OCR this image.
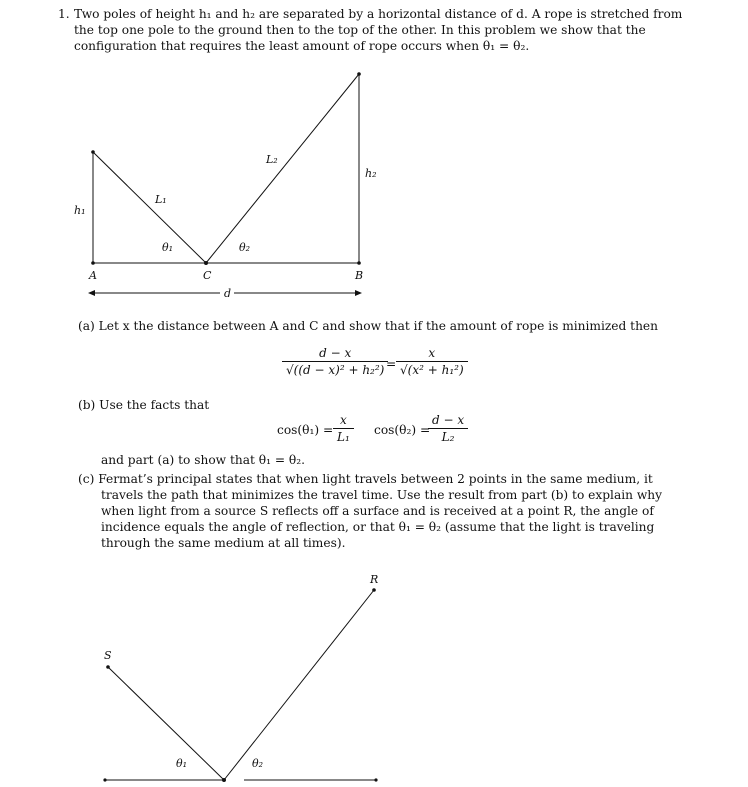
1. Two poles of height h₁ and h₂ are separated by a horizontal distance of d. A rope is stretched from
the top one pole to the ground then to the top of the other. In this problem we show that the
configuration that requires the least amount of rope occurs when θ₁ = θ₂.
h₁
h₂
L₁
L₂
θ₁	θ₂
A	C	B
d
S
R
θ₁	θ₂
(a) Let x the distance between A and C and show that if the amount of rope is minimized then
$\frac{d - x}{\text{√((d − x)² + h₂²)}}$
= $\frac{x}{\text{√(x² + h₁²)}}$
(b) Use the facts that
$\cos(\theta_1) = \frac{x}{\text{L₁}} \cos(\theta_2)$ =
$\frac{d - x}{\text{L₂}}$
and part (a) to show that θ₁ = θ₂.
(c) Fermat’s principal states that when light travels between 2 points in the same medium, it
travels the path that minimizes the travel time. Use the result from part (b) to explain why
when light from a source S reflects off a surface and is received at a point R, the angle of
incidence equals the angle of reflection, or that θ₁ = θ₂ (assume that the light is traveling
through the same medium at all times).
